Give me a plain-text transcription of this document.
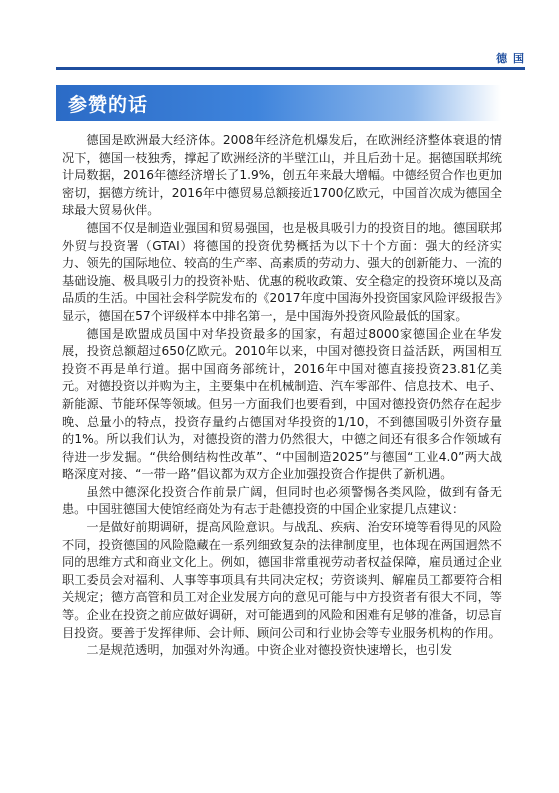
德 国
参赞的话

德国是欧洲最大经济体。2008年经济危机爆发后，在欧洲经济整体衰退的情况下，德国一枝独秀，撑起了欧洲经济的半壁江山，并且后劲十足。据德国联邦统计局数据，2016年德经济增长了1.9%，创五年来最大增幅。中德经贸合作也更加密切，据德方统计，2016年中德贸易总额接近1700亿欧元，中国首次成为德国全球最大贸易伙伴。

德国不仅是制造业强国和贸易强国，也是极具吸引力的投资目的地。德国联邦外贸与投资署（GTAI）将德国的投资优势概括为以下十个方面：强大的经济实力、领先的国际地位、较高的生产率、高素质的劳动力、强大的创新能力、一流的基础设施、极具吸引力的投资补贴、优惠的税收政策、安全稳定的投资环境以及高品质的生活。中国社会科学院发布的《2017年度中国海外投资国家风险评级报告》显示，德国在57个评级样本中排名第一，是中国海外投资风险最低的国家。

德国是欧盟成员国中对华投资最多的国家，有超过8000家德国企业在华发展，投资总额超过650亿欧元。2010年以来，中国对德投资日益活跃，两国相互投资不再是单行道。据中国商务部统计，2016年中国对德直接投资23.81亿美元。对德投资以并购为主，主要集中在机械制造、汽车零部件、信息技术、电子、新能源、节能环保等领域。但另一方面我们也要看到，中国对德投资仍然存在起步晚、总量小的特点，投资存量约占德国对华投资的1/10，不到德国吸引外资存量的1%。所以我们认为，对德投资的潜力仍然很大，中德之间还有很多合作领域有待进一步发掘。“供给侧结构性改革”、“中国制造2025”与德国“工业4.0”两大战略深度对接、“一带一路”倡议都为双方企业加强投资合作提供了新机遇。

虽然中德深化投资合作前景广阔，但同时也必须警惕各类风险，做到有备无患。中国驻德国大使馆经商处为有志于赴德投资的中国企业家提几点建议：

一是做好前期调研，提高风险意识。与战乱、疾病、治安环境等看得见的风险不同，投资德国的风险隐藏在一系列细致复杂的法律制度里，也体现在两国迥然不同的思维方式和商业文化上。例如，德国非常重视劳动者权益保障，雇员通过企业职工委员会对福利、人事等事项具有共同决定权；劳资谈判、解雇员工都要符合相关规定；德方高管和员工对企业发展方向的意见可能与中方投资者有很大不同，等等。企业在投资之前应做好调研，对可能遇到的风险和困难有足够的准备，切忌盲目投资。要善于发挥律师、会计师、顾问公司和行业协会等专业服务机构的作用。

二是规范透明，加强对外沟通。中资企业对德投资快速增长，也引发
